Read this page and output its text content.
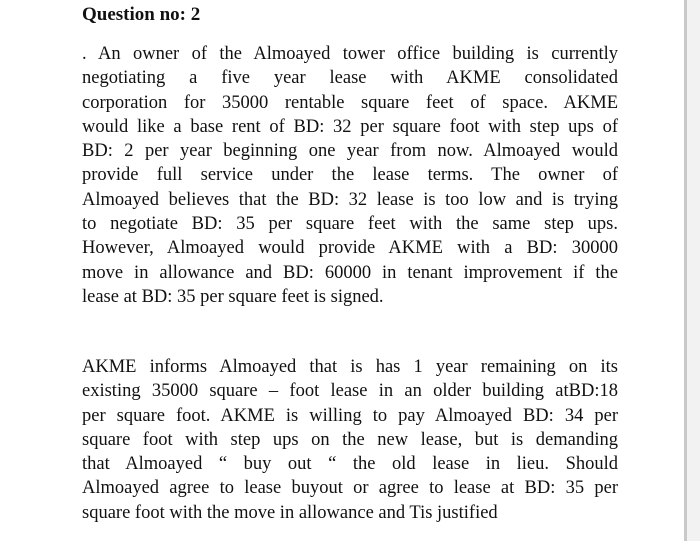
Question no: 2

. An owner of the Almoayed tower office building is currently
negotiating a five year lease with AKME consolidated
corporation for 35000 rentable square feet of space. AKME
would like a base rent of BD: 32 per square foot with step ups of
BD: 2 per year beginning one year from now. Almoayed would
provide full service under the lease terms. The owner of
Almoayed believes that the BD: 32 lease is too low and is trying
to negotiate BD: 35 per square feet with the same step ups.
However, Almoayed would provide AKME with a BD: 30000
move in allowance and BD: 60000 in tenant improvement if the
lease at BD: 35 per square feet is signed.

AKME informs Almoayed that is has 1 year remaining on its
existing 35000 square – foot lease in an older building atBD:18
per square foot. AKME is willing to pay Almoayed BD: 34 per
square foot with step ups on the new lease, but is demanding
that Almoayed “ buy out “ the old lease in lieu. Should
Almoayed agree to lease buyout or agree to lease at BD: 35 per
square foot with the move in allowance and Tis justified
